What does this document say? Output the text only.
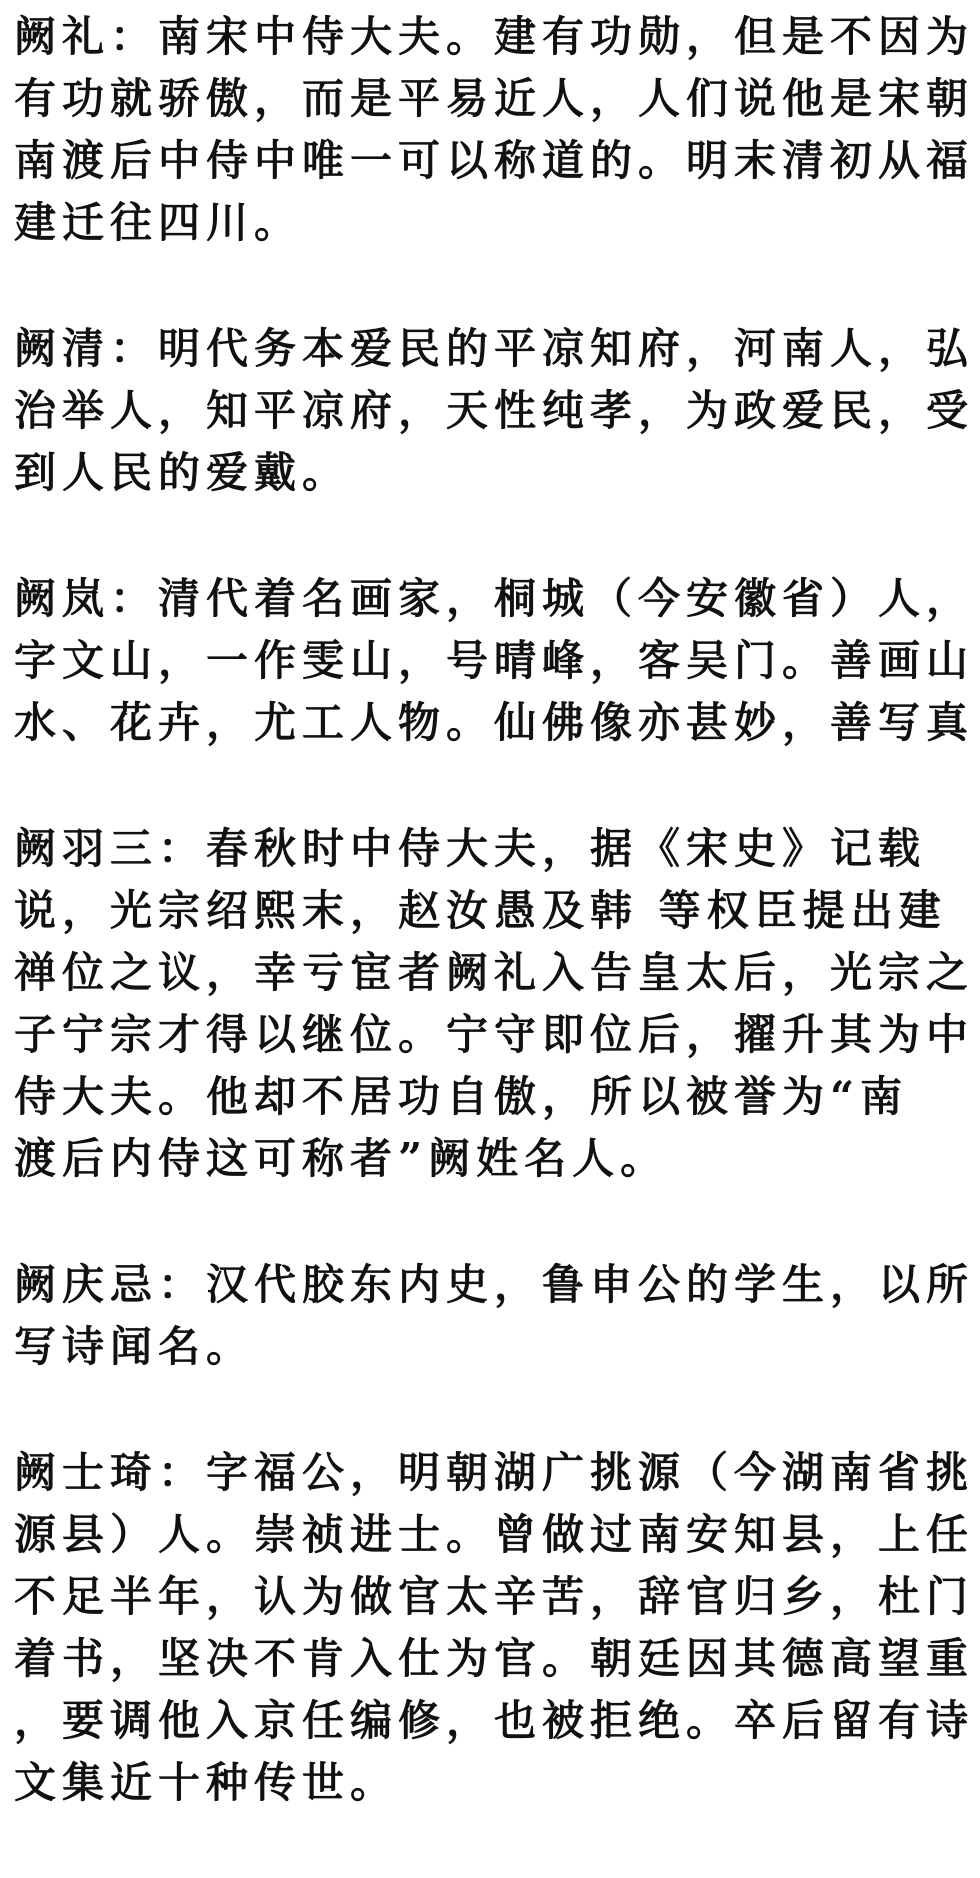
阙礼：南宋中侍大夫。建有功勋，但是不因为
有功就骄傲，而是平易近人，人们说他是宋朝
南渡后中侍中唯一可以称道的。明末清初从福
建迁往四川。
阙清：明代务本爱民的平凉知府，河南人，弘
治举人，知平凉府，天性纯孝，为政爱民，受
到人民的爱戴。
阙岚：清代着名画家，桐城（今安徽省）人，
字文山，一作雯山，号晴峰，客吴门。善画山
水、花卉，尤工人物。仙佛像亦甚妙，善写真
阙羽三：春秋时中侍大夫，据《宋史》记载
说，光宗绍熙末，赵汝愚及韩 等权臣提出建
禅位之议，幸亏宦者阙礼入告皇太后，光宗之
子宁宗才得以继位。宁守即位后，擢升其为中
侍大夫。他却不居功自傲，所以被誉为“南
渡后内侍这可称者”阙姓名人。
阙庆忌：汉代胶东内史，鲁申公的学生，以所
写诗闻名。
阙士琦：字福公，明朝湖广挑源（今湖南省挑
源县）人。崇祯进士。曾做过南安知县，上任
不足半年，认为做官太辛苦，辞官归乡，杜门
着书，坚决不肯入仕为官。朝廷因其德高望重
，要调他入京任编修，也被拒绝。卒后留有诗
文集近十种传世。
